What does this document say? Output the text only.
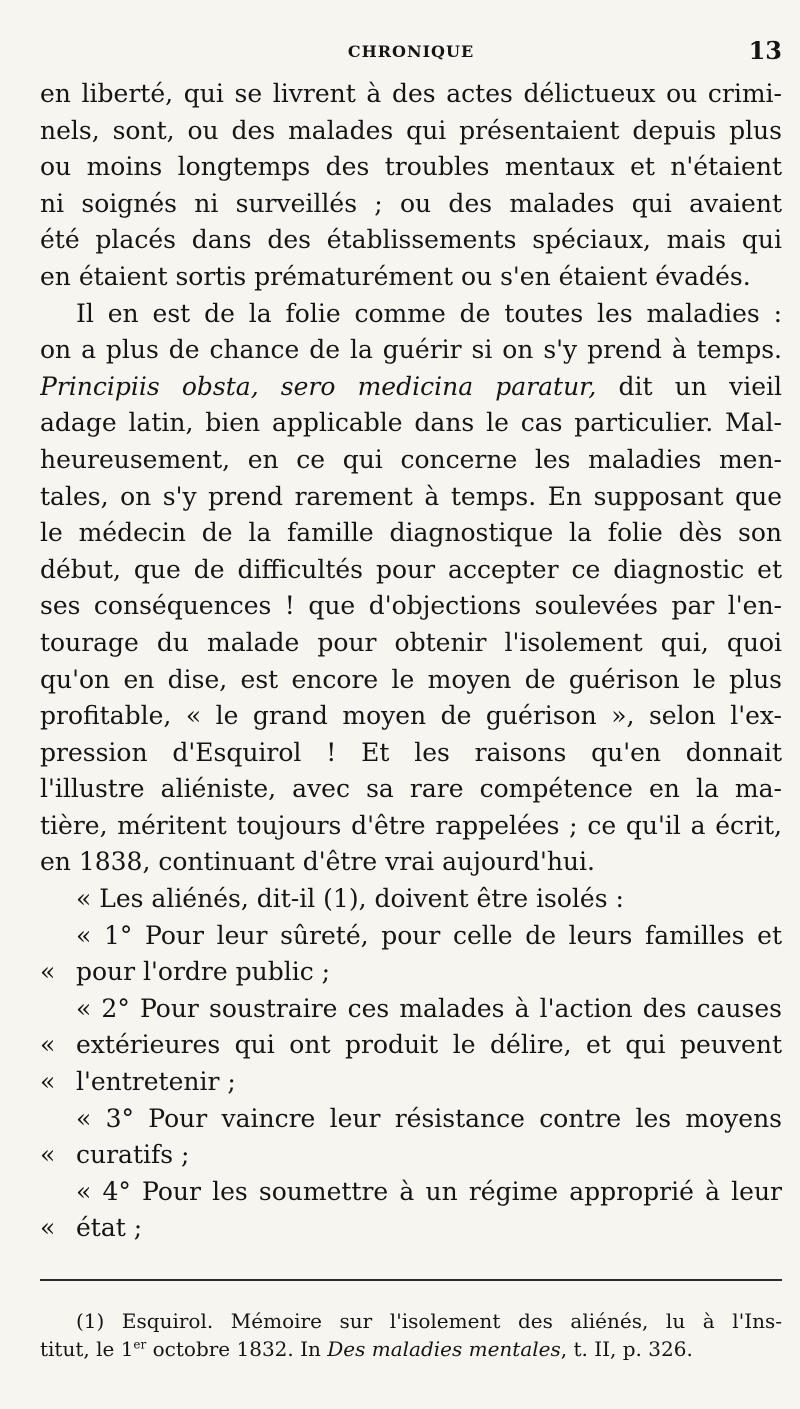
CHRONIQUE	13
en liberté, qui se livrent à des actes délictueux ou crimi-
nels, sont, ou des malades qui présentaient depuis plus
ou moins longtemps des troubles mentaux et n'étaient
ni soignés ni surveillés ; ou des malades qui avaient
été placés dans des établissements spéciaux, mais qui
en étaient sortis prématurément ou s'en étaient évadés.
Il en est de la folie comme de toutes les maladies :
on a plus de chance de la guérir si on s'y prend à temps.
Principiis obsta, sero medicina paratur, dit un vieil
adage latin, bien applicable dans le cas particulier. Mal-
heureusement, en ce qui concerne les maladies men-
tales, on s'y prend rarement à temps. En supposant que
le médecin de la famille diagnostique la folie dès son
début, que de difficultés pour accepter ce diagnostic et
ses conséquences ! que d'objections soulevées par l'en-
tourage du malade pour obtenir l'isolement qui, quoi
qu'on en dise, est encore le moyen de guérison le plus
profitable, « le grand moyen de guérison », selon l'ex-
pression d'Esquirol ! Et les raisons qu'en donnait
l'illustre aliéniste, avec sa rare compétence en la ma-
tière, méritent toujours d'être rappelées ; ce qu'il a écrit,
en 1838, continuant d'être vrai aujourd'hui.
« Les aliénés, dit-il (1), doivent être isolés :
« 1° Pour leur sûreté, pour celle de leurs familles et
« pour l'ordre public ;
« 2° Pour soustraire ces malades à l'action des causes
« extérieures qui ont produit le délire, et qui peuvent
« l'entretenir ;
« 3° Pour vaincre leur résistance contre les moyens
« curatifs ;
« 4° Pour les soumettre à un régime approprié à leur
« état ;
(1) Esquirol. Mémoire sur l'isolement des aliénés, lu à l'Ins-
titut, le 1er octobre 1832. In Des maladies mentales, t. II, p. 326.
